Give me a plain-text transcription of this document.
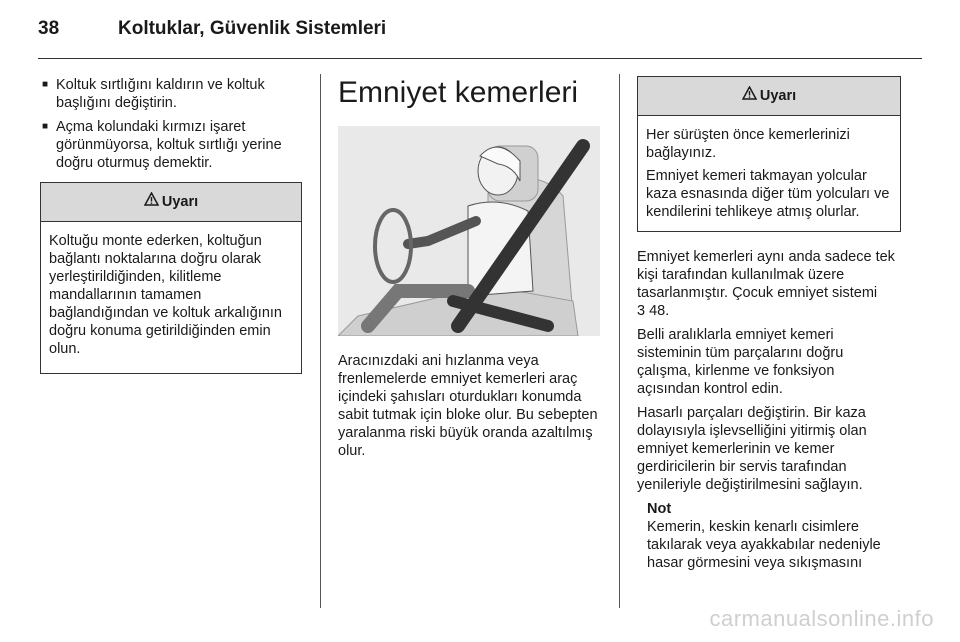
38	Koltuklar, Güvenlik Sistemleri
■ Koltuk sırtlığını kaldırın ve koltuk başlığını değiştirin.
■ Açma kolundaki kırmızı işaret görünmüyorsa, koltuk sırtlığı yerine doğru oturmuş demektir.
Uyarı

Koltuğu monte ederken, koltuğun bağlantı noktalarına doğru olarak yerleştirildiğinden, kilitleme mandallarının tamamen bağlandığından ve koltuk arkalığının doğru konuma getirildiğinden emin olun.

Emniyet kemerleri

Aracınızdaki ani hızlanma veya frenlemelerde emniyet kemerleri araç içindeki şahısları oturdukları konumda sabit tutmak için bloke olur. Bu sebepten yaralanma riski büyük oranda azaltılmış olur.

Uyarı

Her sürüşten önce kemerlerinizi bağlayınız.

Emniyet kemeri takmayan yolcular kaza esnasında diğer tüm yolcuları ve kendilerini tehlikeye atmış olurlar.

Emniyet kemerleri aynı anda sadece tek kişi tarafından kullanılmak üzere tasarlanmıştır. Çocuk emniyet sistemi
3 48.

Belli aralıklarla emniyet kemeri sisteminin tüm parçalarını doğru çalışma, kirlenme ve fonksiyon açısından kontrol edin.

Hasarlı parçaları değiştirin. Bir kaza dolayısıyla işlevselliğini yitirmiş olan emniyet kemerlerinin ve kemer gerdiricilerin bir servis tarafından yenileriyle değiştirilmesini sağlayın.

Not
Kemerin, keskin kenarlı cisimlere takılarak veya ayakkabılar nedeniyle hasar görmesini veya sıkışmasını
carmanualsonline.info
